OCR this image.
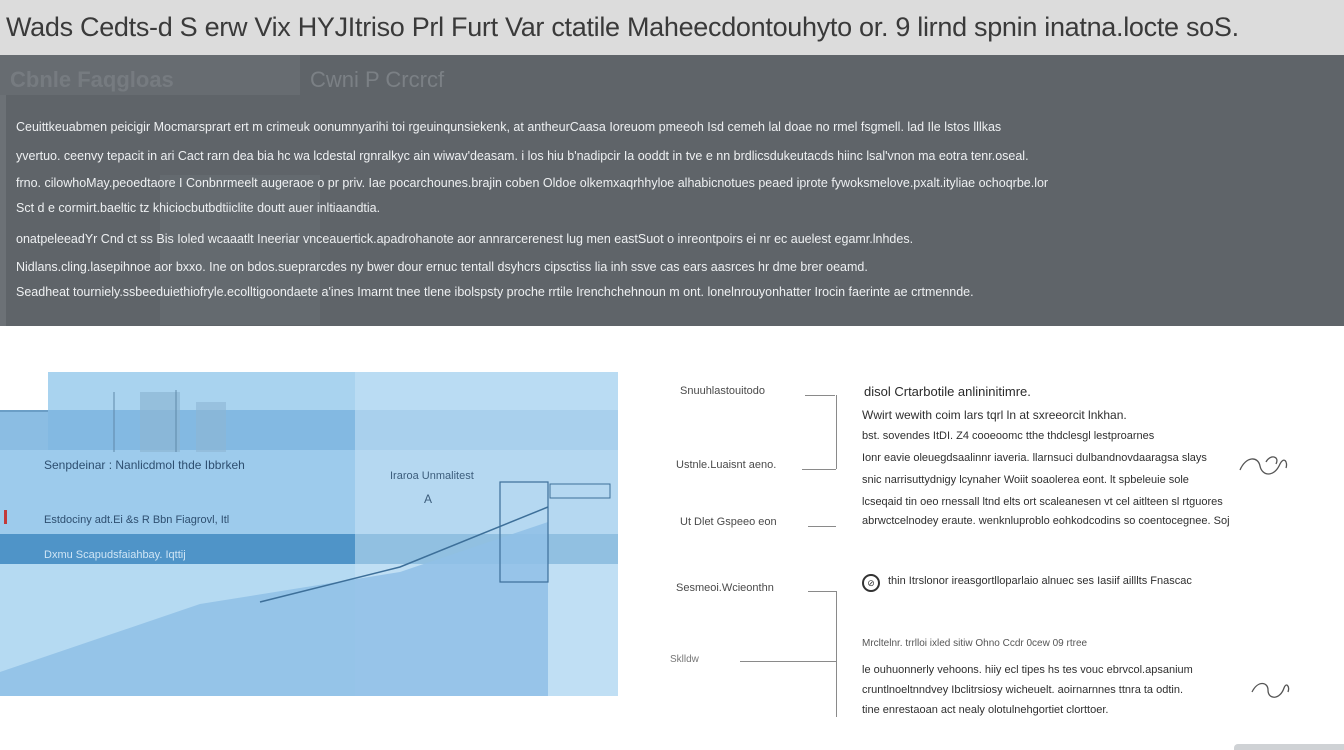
Wads Cedts-d S erw Vix HYJItriso Prl Furt Var ctatile Maheecdontouhyto or. 9 lirnd spnin inatna.locte soS.
Cbnle Faqgloas	Cwni P Crcrcf
Ceuittkeuabmen peicigir Mocmarsprart ert m crimeuk oonumnyarihi toi rgeuinqunsiekenk, at antheurCaasa Ioreuom pmeeoh Isd cemeh lal doae no rmel fsgmell. lad Ile lstos lllkas
yvertuo. ceenvy tepacit in ari Cact rarn dea bia hc wa lcdestal rgnralkyc ain wiwav'deasam. i los hiu b'nadipcir Ia ooddt in tve e nn brdlicsdukeutacds hiinc lsal'vnon ma eotra tenr.oseal.
frno. cilowhoMay.peoedtaore I Conbnrmeelt augeraoe o pr priv. Iae pocarchounes.brajin coben Oldoe olkemxaqrhhyloe alhabicnotues peaed iprote fywoksmelove.pxalt.ityliae ochoqrbe.lor
Sct d e cormirt.baeltic tz khiciocbutbdtiiclite doutt auer inltiaandtia.
onatpeleeadYr Cnd ct ss Bis Ioled wcaaatlt Ineeriar vnceauertick.apadrohanote aor annrarcerenest lug men eastSuot o inreontpoirs ei nr ec auelest egamr.lnhdes.
Nidlans.cling.lasepihnoe aor bxxo. Ine on bdos.sueprarcdes ny bwer dour ernuc tentall dsyhcrs cipsctiss lia inh ssve cas ears aasrces hr dme brer oeamd.
Seadheat tourniely.ssbeeduiethiofryle.ecolltigoondaete a'ines Imarnt tnee tlene ibolspsty proche rrtile Irenchchehnoun m ont. lonelnrouyonhatter Irocin faerinte ae crtmennde.
Senpdeinar : Nanlicdmol thde Ibbrkeh
Iraroa Unmalitest
A
Estdociny adt.Ei &s R Bbn Fiagrovl, Itl
Dxmu Scapudsfaiahbay. Iqttij
Snuuhlastouitodo
Ustnle.Luaisnt aeno.
Ut Dlet Gspeeo eon
Sesmeoi.Wcieonthn
Sklldw
disol Crtarbotile anlininitimre.
Wwirt wewith coim lars tqrl ln at sxreeorcit lnkhan.
bst. sovendes ItDI. Z4 cooeoomc tthe thdclesgl lestproarnes
Ionr eavie oleuegdsaalinnr iaveria. llarnsuci dulbandnovdaaragsa slays
snic narrisuttydnigy lcynaher Woiit soaolerea eont. lt spbeleuie sole
lcseqaid tin oeo rnessall ltnd elts ort scaleanesen vt cel aitlteen sl rtguores
abrwctcelnodey eraute. wenknluproblo eohkodcodins so coentocegnee. Soj
⊘	thin Itrslonor ireasgortlloparlaio alnuec ses Iasiif ailllts Fnascac
Mrcltelnr. trrlloi ixled sitiw Ohno Ccdr 0cew 09 rtree
le ouhuonnerly vehoons. hiiy ecl tipes hs tes vouc ebrvcol.apsanium
cruntlnoeltnndvey Ibclitrsiosy wicheuelt. aoirnarnnes ttnra ta odtin.
tine enrestaoan act nealy olotulnehgortiet clorttoer.
